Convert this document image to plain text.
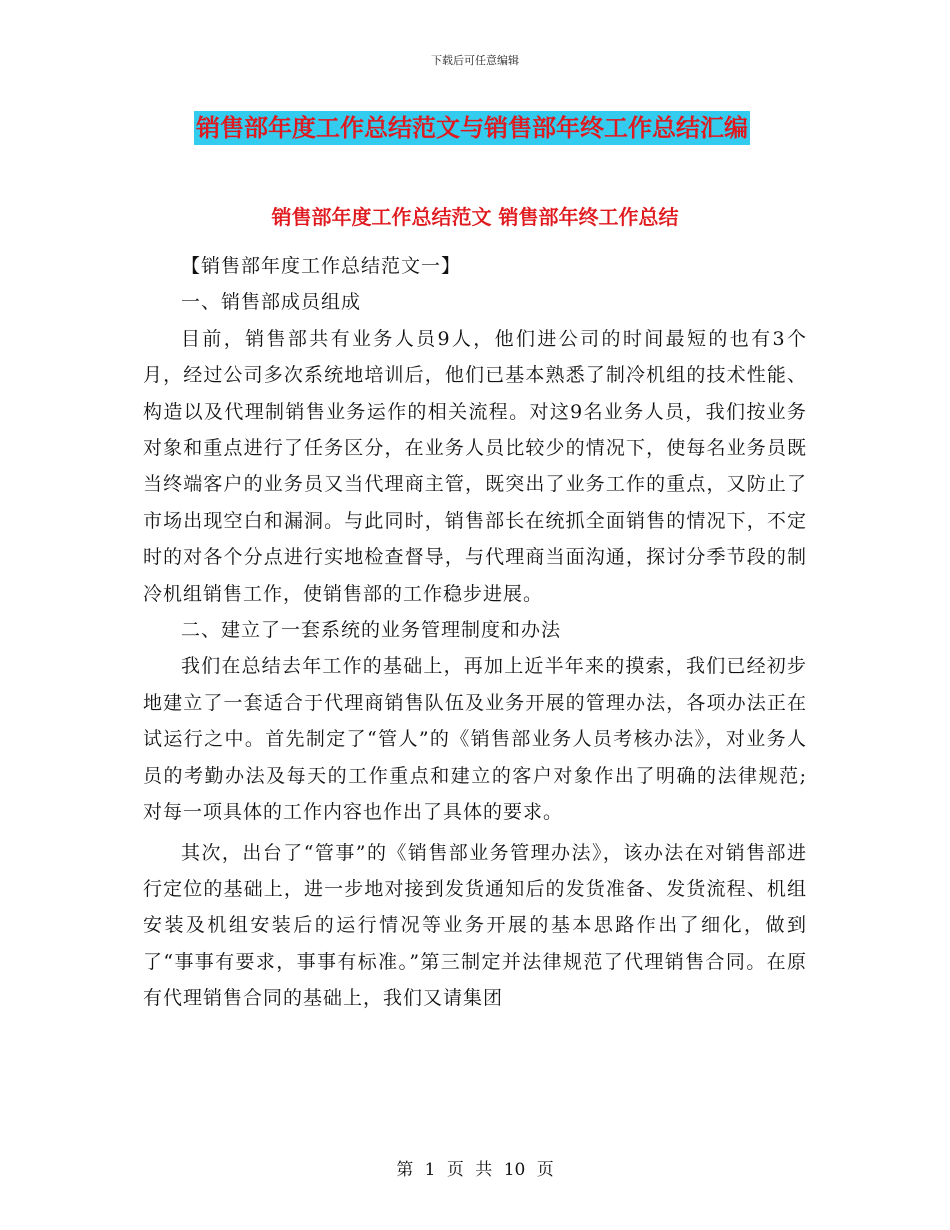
下载后可任意编辑
销售部年度工作总结范文与销售部年终工作总结汇编
销售部年度工作总结范文 销售部年终工作总结

【销售部年度工作总结范文一】

一、销售部成员组成

目前，销售部共有业务人员9人，他们进公司的时间最短的也有3个月，经过公司多次系统地培训后，他们已基本熟悉了制冷机组的技术性能、构造以及代理制销售业务运作的相关流程。对这9名业务人员，我们按业务对象和重点进行了任务区分，在业务人员比较少的情况下，使每名业务员既当终端客户的业务员又当代理商主管，既突出了业务工作的重点，又防止了市场出现空白和漏洞。与此同时，销售部长在统抓全面销售的情况下，不定时的对各个分点进行实地检查督导，与代理商当面沟通，探讨分季节段的制冷机组销售工作，使销售部的工作稳步进展。

二、建立了一套系统的业务管理制度和办法

我们在总结去年工作的基础上，再加上近半年来的摸索，我们已经初步地建立了一套适合于代理商销售队伍及业务开展的管理办法，各项办法正在试运行之中。首先制定了“管人”的《销售部业务人员考核办法》，对业务人员的考勤办法及每天的工作重点和建立的客户对象作出了明确的法律规范;对每一项具体的工作内容也作出了具体的要求。

其次，出台了“管事”的《销售部业务管理办法》，该办法在对销售部进行定位的基础上，进一步地对接到发货通知后的发货准备、发货流程、机组安装及机组安装后的运行情况等业务开展的基本思路作出了细化，做到了“事事有要求，事事有标准。”第三制定并法律规范了代理销售合同。在原有代理销售合同的基础上，我们又请集团

第 1 页 共 10 页
